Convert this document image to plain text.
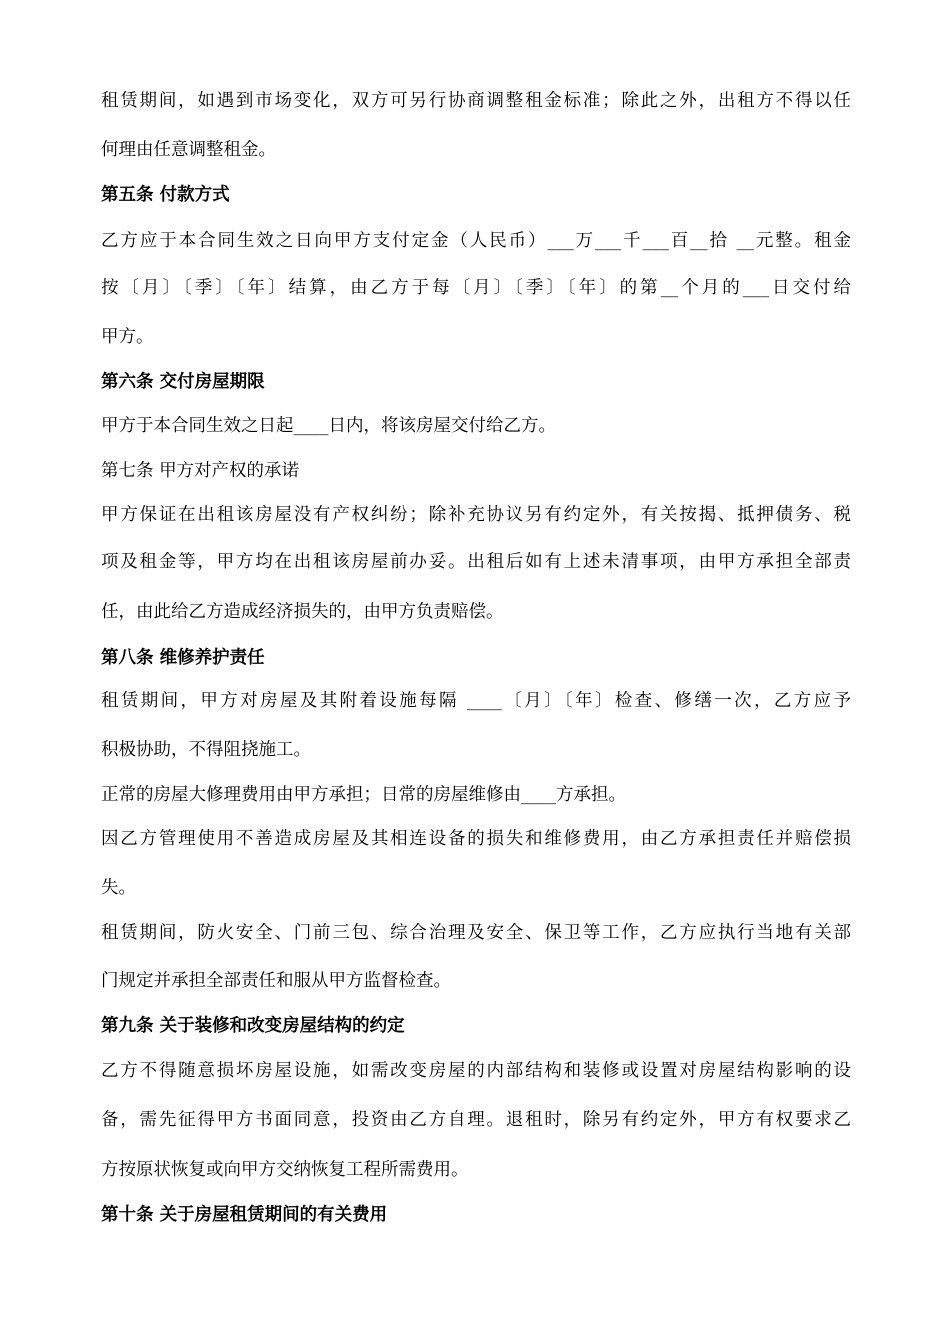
租赁期间，如遇到市场变化，双方可另行协商调整租金标准；除此之外，出租方不得以任
何理由任意调整租金。
第五条 付款方式
乙方应于本合同生效之日向甲方支付定金（人民币）___万___千___百__拾 __元整。租金
按〔月〕〔季〕〔年〕结算，由乙方于每〔月〕〔季〕〔年〕的第__个月的___日交付给
甲方。
第六条 交付房屋期限
甲方于本合同生效之日起____日内，将该房屋交付给乙方。
第七条 甲方对产权的承诺
甲方保证在出租该房屋没有产权纠纷；除补充协议另有约定外，有关按揭、抵押债务、税
项及租金等，甲方均在出租该房屋前办妥。出租后如有上述未清事项，由甲方承担全部责
任，由此给乙方造成经济损失的，由甲方负责赔偿。
第八条 维修养护责任
租赁期间，甲方对房屋及其附着设施每隔 ____〔月〕〔年〕检查、修缮一次，乙方应予
积极协助，不得阻挠施工。
正常的房屋大修理费用由甲方承担；日常的房屋维修由____方承担。
因乙方管理使用不善造成房屋及其相连设备的损失和维修费用，由乙方承担责任并赔偿损
失。
租赁期间，防火安全、门前三包、综合治理及安全、保卫等工作，乙方应执行当地有关部
门规定并承担全部责任和服从甲方监督检查。
第九条 关于装修和改变房屋结构的约定
乙方不得随意损坏房屋设施，如需改变房屋的内部结构和装修或设置对房屋结构影响的设
备，需先征得甲方书面同意，投资由乙方自理。退租时，除另有约定外，甲方有权要求乙
方按原状恢复或向甲方交纳恢复工程所需费用。
第十条 关于房屋租赁期间的有关费用
